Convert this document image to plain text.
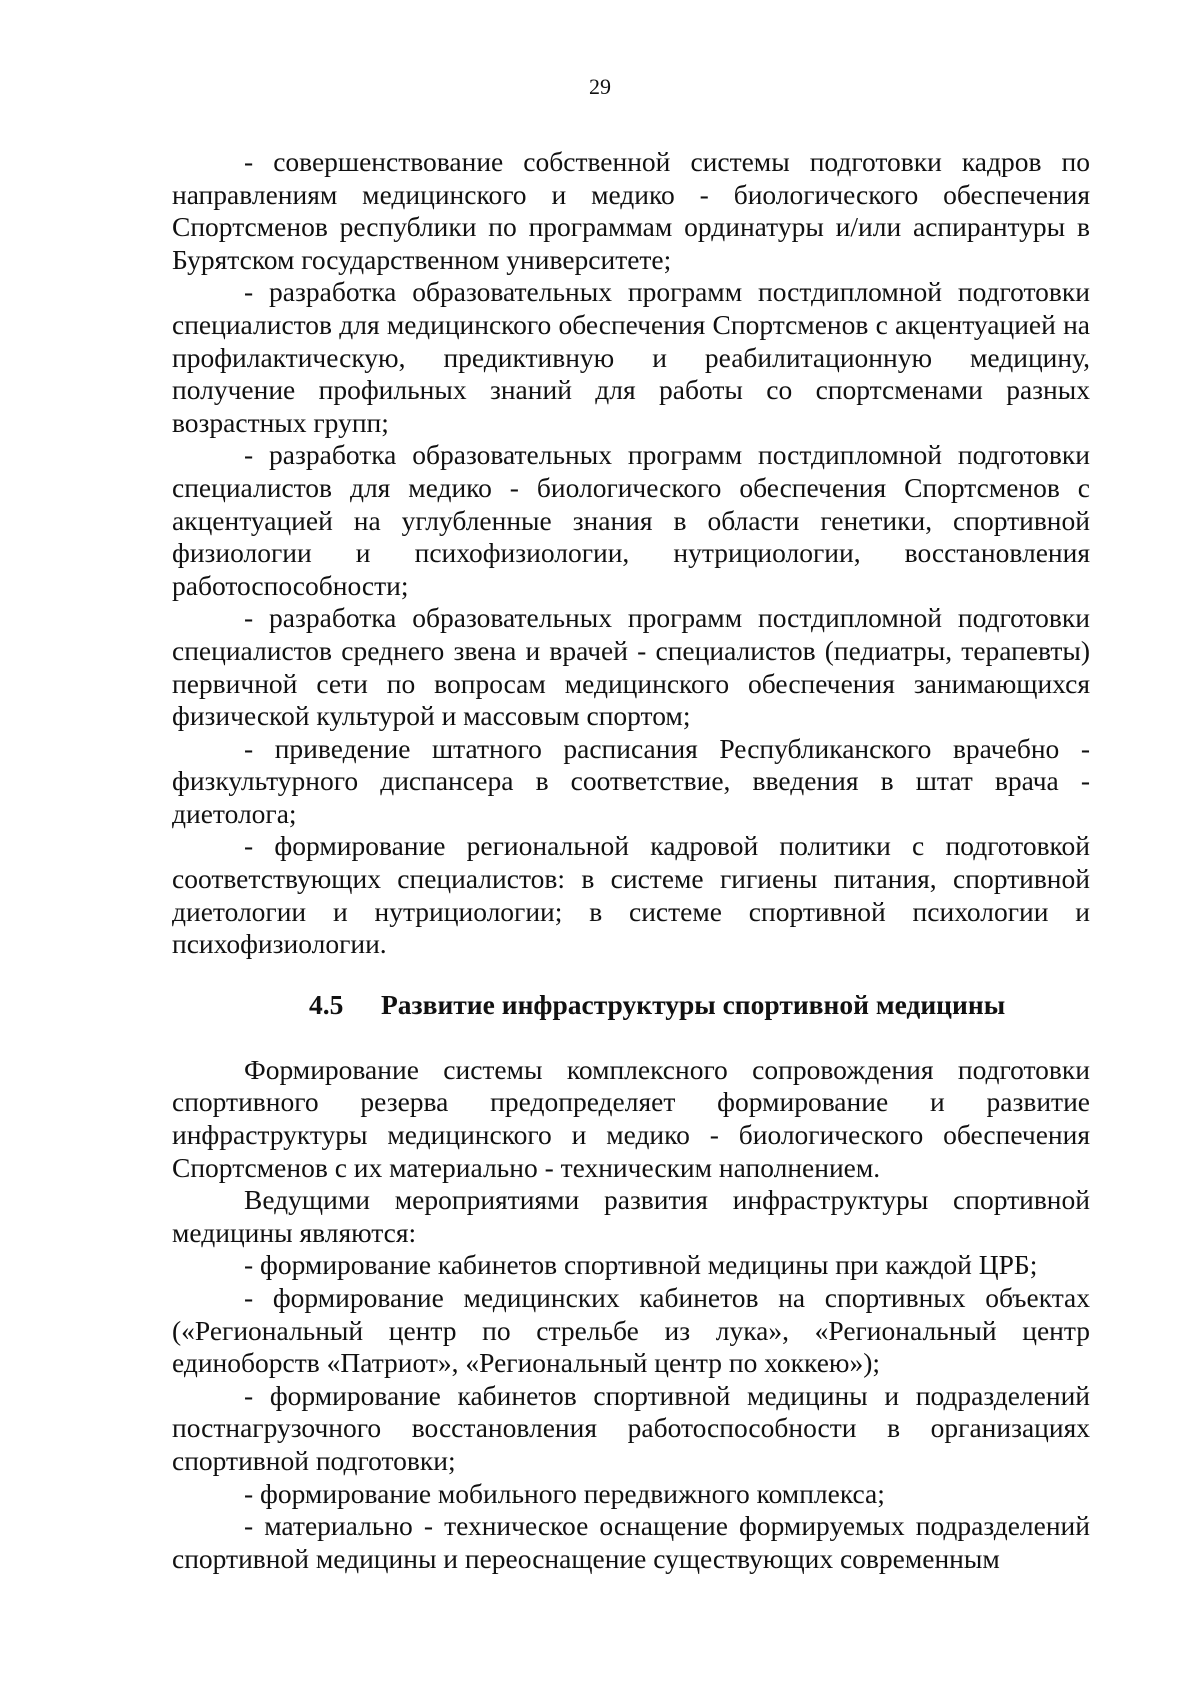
29

- совершенствование собственной системы подготовки кадров по направлениям медицинского и медико - биологического обеспечения Спортсменов республики по программам ординатуры и/или аспирантуры в Бурятском государственном университете;

- разработка образовательных программ постдипломной подготовки специалистов для медицинского обеспечения Спортсменов с акцентуацией на профилактическую, предиктивную и реабилитационную медицину, получение профильных знаний для работы со спортсменами разных возрастных групп;

- разработка образовательных программ постдипломной подготовки специалистов для медико - биологического обеспечения Спортсменов с акцентуацией на углубленные знания в области генетики, спортивной физиологии и психофизиологии, нутрициологии, восстановления работоспособности;

- разработка образовательных программ постдипломной подготовки специалистов среднего звена и врачей - специалистов (педиатры, терапевты) первичной сети по вопросам медицинского обеспечения занимающихся физической культурой и массовым спортом;

- приведение штатного расписания Республиканского врачебно - физкультурного диспансера в соответствие, введения в штат врача - диетолога;

- формирование региональной кадровой политики с подготовкой соответствующих специалистов: в системе гигиены питания, спортивной диетологии и нутрициологии; в системе спортивной психологии и психофизиологии.

4.5	Развитие инфраструктуры спортивной медицины

Формирование системы комплексного сопровождения подготовки спортивного резерва предопределяет формирование и развитие инфраструктуры медицинского и медико - биологического обеспечения Спортсменов с их материально - техническим наполнением.

Ведущими мероприятиями развития инфраструктуры спортивной медицины являются:

- формирование кабинетов спортивной медицины при каждой ЦРБ;

- формирование медицинских кабинетов на спортивных объектах («Региональный центр по стрельбе из лука», «Региональный центр единоборств «Патриот», «Региональный центр по хоккею»);

- формирование кабинетов спортивной медицины и подразделений постнагрузочного восстановления работоспособности в организациях спортивной подготовки;

- формирование мобильного передвижного комплекса;

- материально - техническое оснащение формируемых подразделений спортивной медицины и переоснащение существующих современным
